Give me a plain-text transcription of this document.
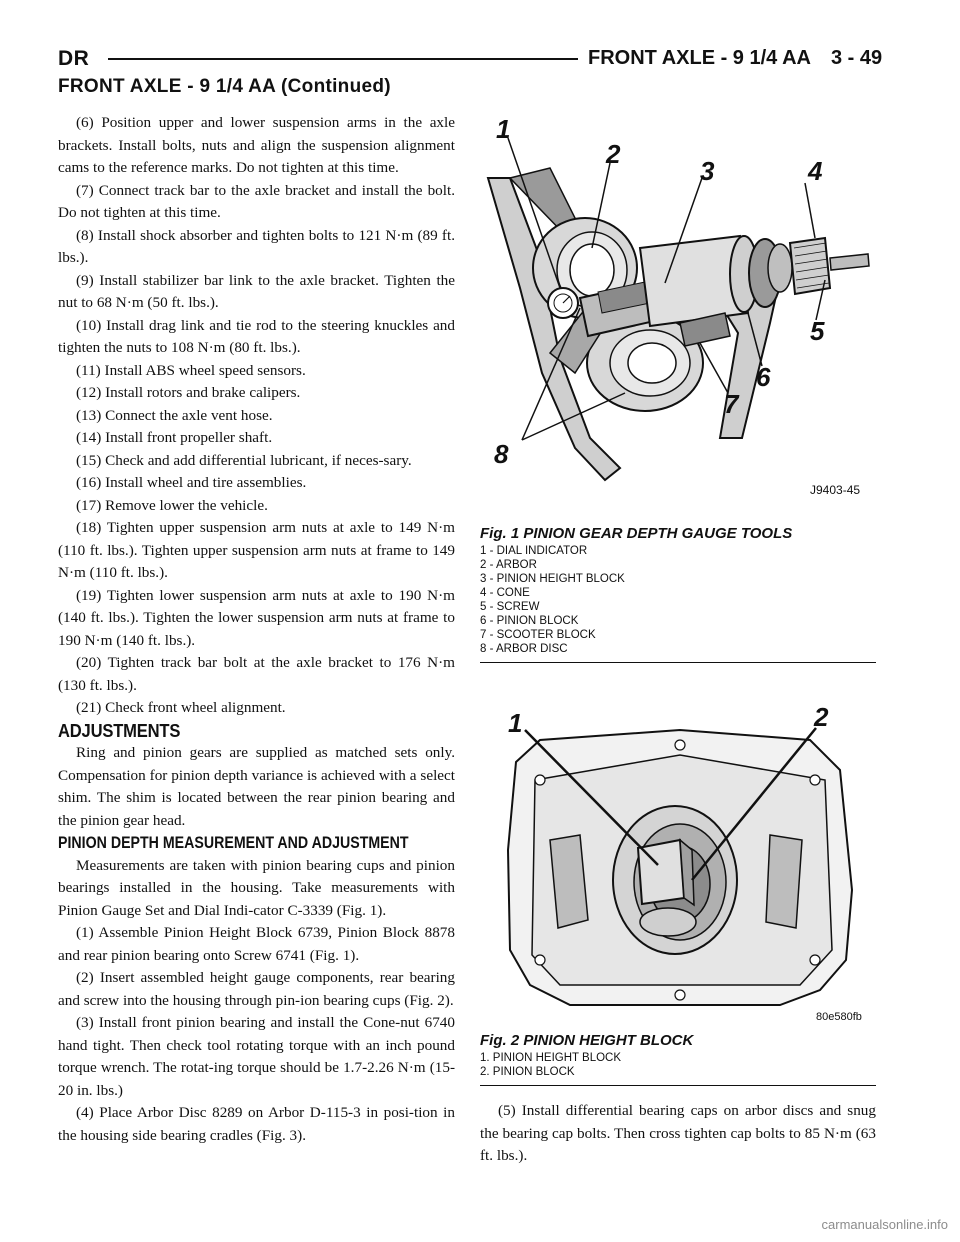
DR	FRONT AXLE - 9 1/4 AA 3 - 49
FRONT AXLE - 9 1/4 AA (Continued)

(6) Position upper and lower suspension arms in the axle brackets. Install bolts, nuts and align the suspension alignment cams to the reference marks. Do not tighten at this time.

(7) Connect track bar to the axle bracket and install the bolt. Do not tighten at this time.

(8) Install shock absorber and tighten bolts to 121 N·m (89 ft. lbs.).

(9) Install stabilizer bar link to the axle bracket. Tighten the nut to 68 N·m (50 ft. lbs.).

(10) Install drag link and tie rod to the steering knuckles and tighten the nuts to 108 N·m (80 ft. lbs.).

(11) Install ABS wheel speed sensors.

(12) Install rotors and brake calipers.

(13) Connect the axle vent hose.

(14) Install front propeller shaft.

(15) Check and add differential lubricant, if neces-sary.

(16) Install wheel and tire assemblies.

(17) Remove lower the vehicle.

(18) Tighten upper suspension arm nuts at axle to 149 N·m (110 ft. lbs.). Tighten upper suspension arm nuts at frame to 149 N·m (110 ft. lbs.).

(19) Tighten lower suspension arm nuts at axle to 190 N·m (140 ft. lbs.). Tighten the lower suspension arm nuts at frame to 190 N·m (140 ft. lbs.).

(20) Tighten track bar bolt at the axle bracket to 176 N·m (130 ft. lbs.).

(21) Check front wheel alignment.

ADJUSTMENTS

Ring and pinion gears are supplied as matched sets only. Compensation for pinion depth variance is achieved with a select shim. The shim is located between the rear pinion bearing and the pinion gear head.

PINION DEPTH MEASUREMENT AND ADJUSTMENT

Measurements are taken with pinion bearing cups and pinion bearings installed in the housing. Take measurements with Pinion Gauge Set and Dial Indi-cator C-3339 (Fig. 1).

(1) Assemble Pinion Height Block 6739, Pinion Block 8878 and rear pinion bearing onto Screw 6741 (Fig. 1).

(2) Insert assembled height gauge components, rear bearing and screw into the housing through pin-ion bearing cups (Fig. 2).

(3) Install front pinion bearing and install the Cone-nut 6740 hand tight. Then check tool rotating torque with an inch pound torque wrench. The rotat-ing torque should be 1.7-2.26 N·m (15-20 in. lbs.)

(4) Place Arbor Disc 8289 on Arbor D-115-3 in posi-tion in the housing side bearing cradles (Fig. 3).

1
2
3	4
5
6
7
8
J9403-45
Fig. 1 PINION GEAR DEPTH GAUGE TOOLS
1 - DIAL INDICATOR
2 - ARBOR
3 - PINION HEIGHT BLOCK
4 - CONE
5 - SCREW
6 - PINION BLOCK
7 - SCOOTER BLOCK
8 - ARBOR DISC
1	2
80e580fb
Fig. 2 PINION HEIGHT BLOCK
1. PINION HEIGHT BLOCK
2. PINION BLOCK

(5) Install differential bearing caps on arbor discs and snug the bearing cap bolts. Then cross tighten cap bolts to 85 N·m (63 ft. lbs.).

carmanualsonline.info
